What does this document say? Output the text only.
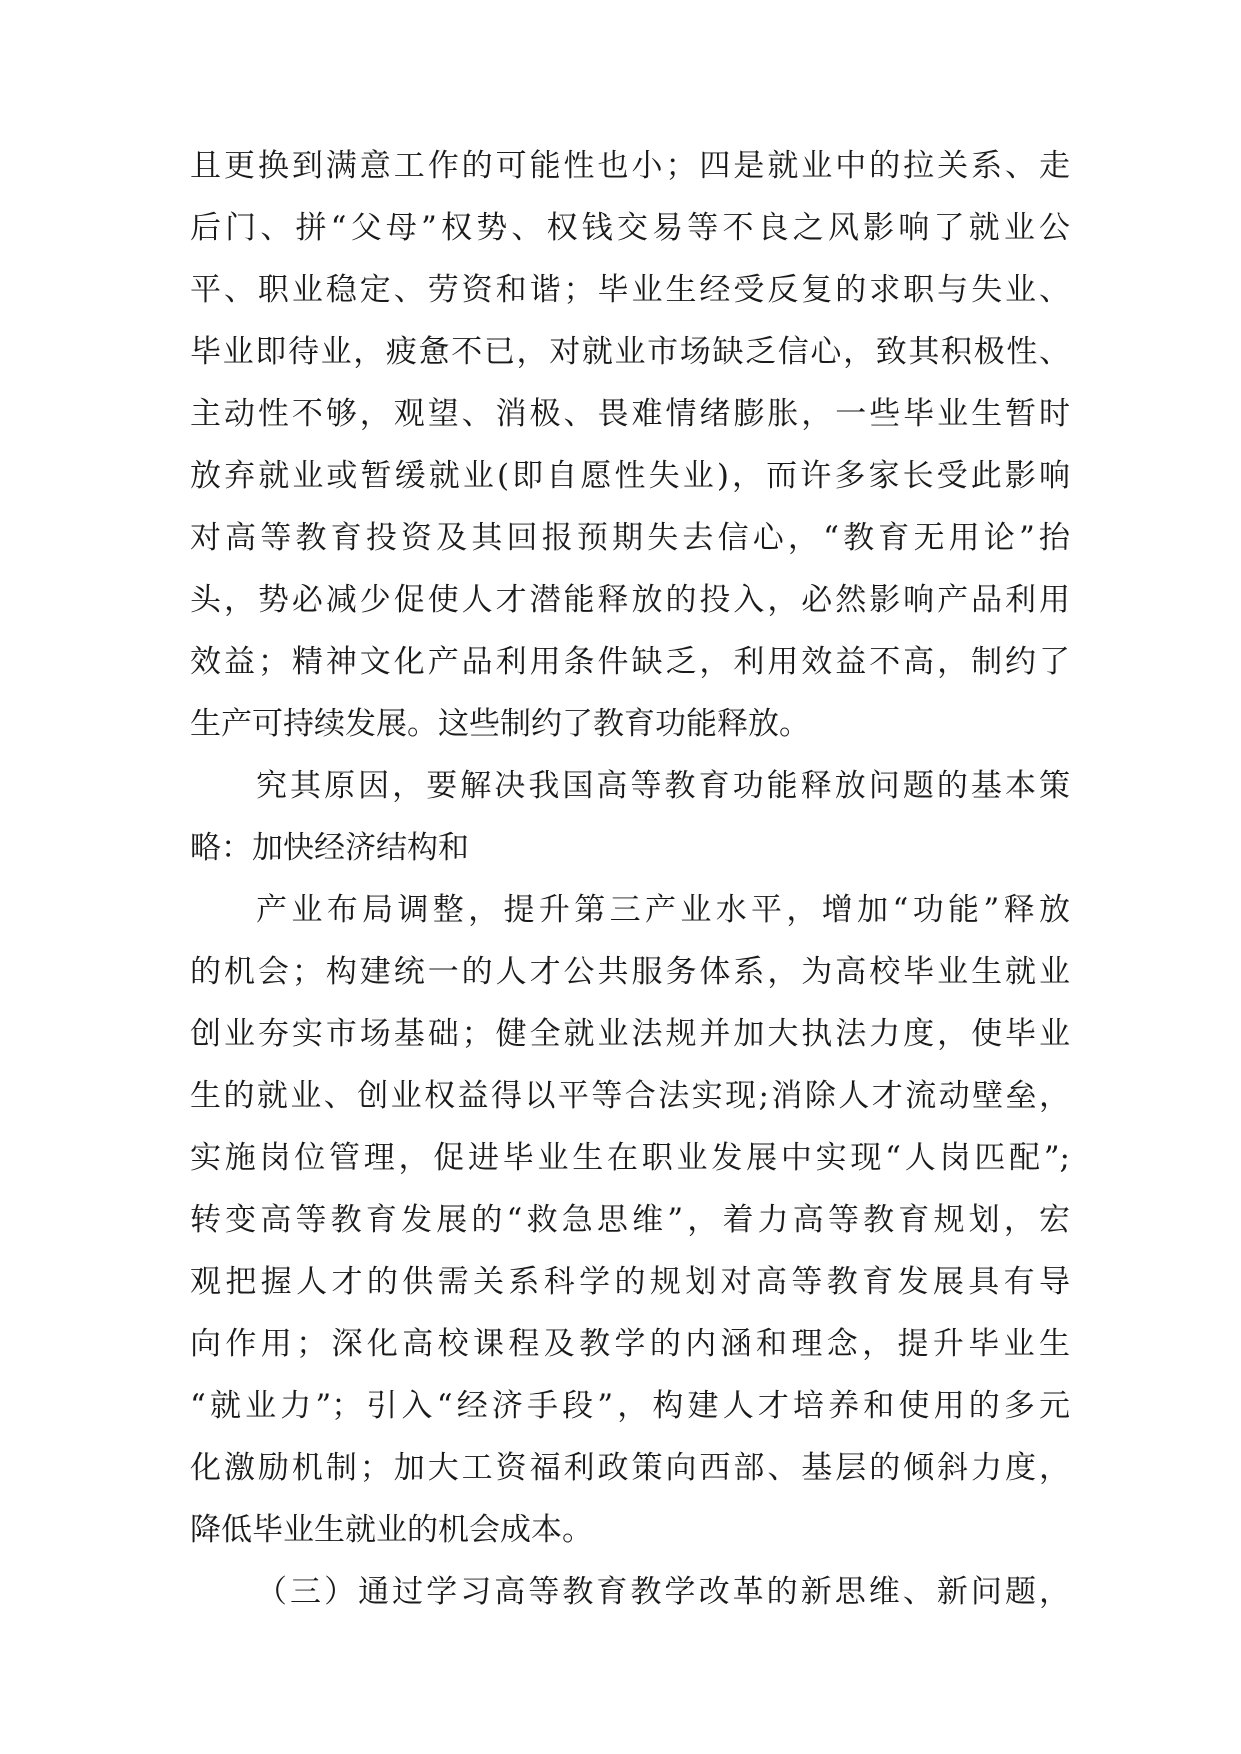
且更换到满意工作的可能性也小；四是就业中的拉关系、走
后门、拼“父母”权势、权钱交易等不良之风影响了就业公
平、职业稳定、劳资和谐；毕业生经受反复的求职与失业、
毕业即待业，疲惫不已，对就业市场缺乏信心，致其积极性、
主动性不够，观望、消极、畏难情绪膨胀，一些毕业生暂时
放弃就业或暂缓就业(即自愿性失业)，而许多家长受此影响
对高等教育投资及其回报预期失去信心，“教育无用论”抬
头，势必减少促使人才潜能释放的投入，必然影响产品利用
效益；精神文化产品利用条件缺乏，利用效益不高，制约了
生产可持续发展。这些制约了教育功能释放。
究其原因，要解决我国高等教育功能释放问题的基本策
略：加快经济结构和
产业布局调整，提升第三产业水平，增加“功能”释放
的机会；构建统一的人才公共服务体系，为高校毕业生就业
创业夯实市场基础；健全就业法规并加大执法力度，使毕业
生的就业、创业权益得以平等合法实现;消除人才流动壁垒，
实施岗位管理，促进毕业生在职业发展中实现“人岗匹配”;
转变高等教育发展的“救急思维”，着力高等教育规划，宏
观把握人才的供需关系科学的规划对高等教育发展具有导
向作用；深化高校课程及教学的内涵和理念，提升毕业生
“就业力”；引入“经济手段”，构建人才培养和使用的多元
化激励机制；加大工资福利政策向西部、基层的倾斜力度，
降低毕业生就业的机会成本。
（三）通过学习高等教育教学改革的新思维、新问题，
